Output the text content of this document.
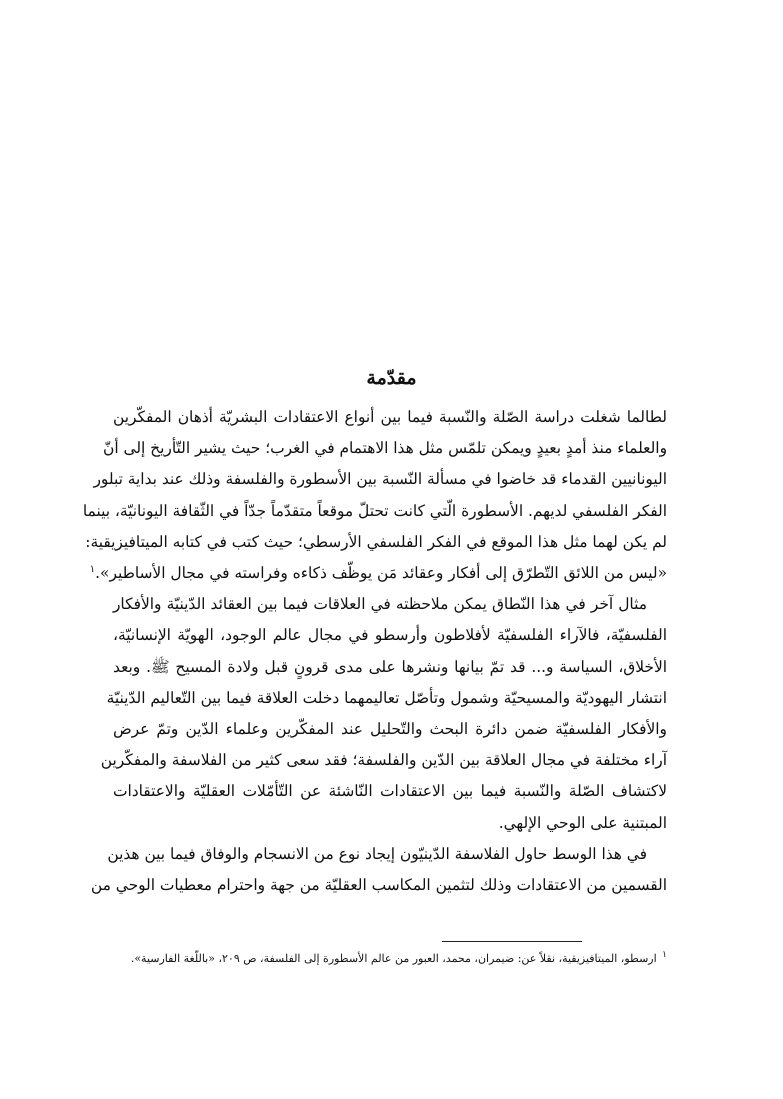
مقدّمة
لطالما شغلت دراسة الصّلة والنّسبة فيما بين أنواع الاعتقادات البشريّة أذهان المفكّرين
والعلماء منذ أمدٍ بعيدٍ ويمكن تلمّس مثل هذا الاهتمام في الغرب؛ حيث يشير التّأريخ إلى أنّ
اليونانيين القدماء قد خاضوا في مسألة النّسبة بين الأسطورة والفلسفة وذلك عند بداية تبلور
الفكر الفلسفي لديهم. الأسطورة الّتي كانت تحتلّ موقعاً متقدّماً جدّاً في الثّقافة اليونانيّة، بينما
لم يكن لهما مثل هذا الموقع في الفكر الفلسفي الأرسطي؛ حيث كتب في كتابه الميتافيزيقية:
«ليس من اللائق التّطرّق إلى أفكار وعقائد مَن يوظّف ذكاءه وفراسته في مجال الأساطير».$^١$
مثال آخر في هذا النّطاق يمكن ملاحظته في العلاقات فيما بين العقائد الدّينيّة والأفكار
الفلسفيّة، فالآراء الفلسفيّة لأفلاطون وأرسطو في مجال عالم الوجود، الهويّة الإنسانيّة،
الأخلاق، السياسة و... قد تمّ بيانها ونشرها على مدى قرونٍ قبل ولادة المسيح ﷺ. وبعد
انتشار اليهوديّة والمسيحيّة وشمول وتأصّل تعاليمهما دخلت العلاقة فيما بين التّعاليم الدّينيّة
والأفكار الفلسفيّة ضمن دائرة البحث والتّحليل عند المفكّرين وعلماء الدّين وتمّ عرض
آراء مختلفة في مجال العلاقة بين الدّين والفلسفة؛ فقد سعى كثير من الفلاسفة والمفكّرين
لاكتشاف الصّلة والنّسبة فيما بين الاعتقادات النّاشئة عن التّأمّلات العقليّة والاعتقادات
المبتنية على الوحي الإلهي.
في هذا الوسط حاول الفلاسفة الدّينيّون إيجاد نوع من الانسجام والوفاق فيما بين هذين
القسمين من الاعتقادات وذلك لتثمين المكاسب العقليّة من جهة واحترام معطيات الوحي من
$^١$ ارسطو، الميتافيزيقية، نقلاً عن: ضيمران، محمد، العبور من عالم الأسطورة إلى الفلسفة، ص ٢٠٩، «باللّغة الفارسية».
